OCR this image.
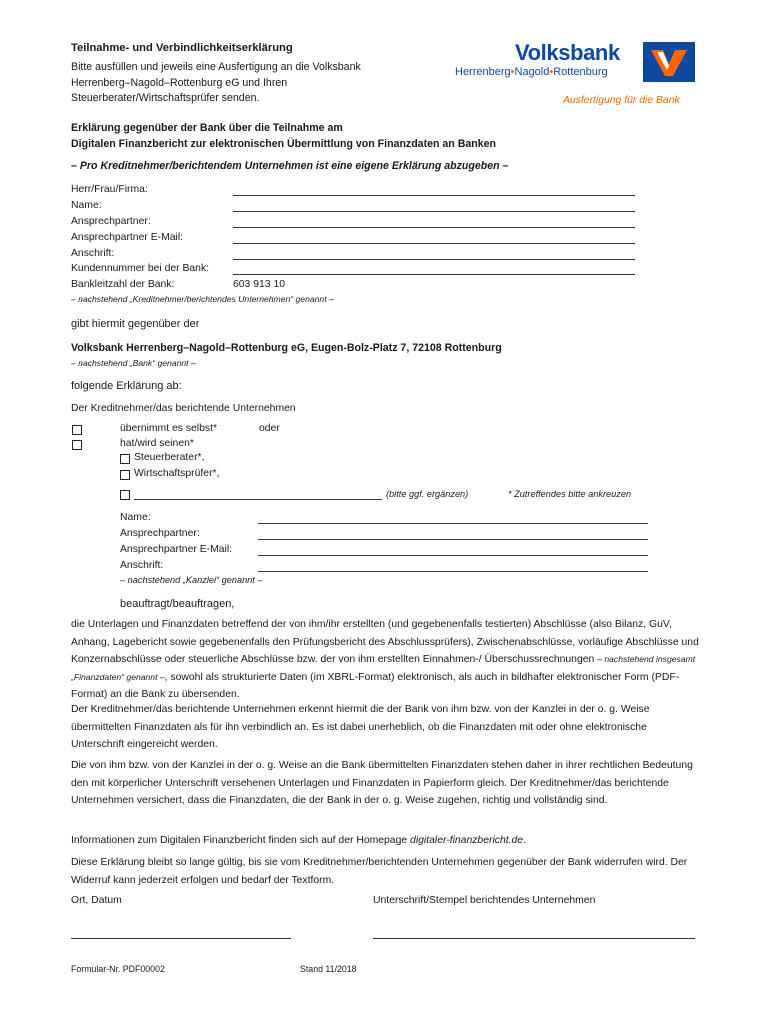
Teilnahme- und Verbindlichkeitserklärung
Bitte ausfüllen und jeweils eine Ausfertigung an die Volksbank Herrenberg–Nagold–Rottenburg eG und Ihren Steuerberater/Wirtschaftsprüfer senden.
Volksbank
Herrenberg•Nagold•Rottenburg
Ausfertigung für die Bank
Erklärung gegenüber der Bank über die Teilnahme am
Digitalen Finanzbericht zur elektronischen Übermittlung von Finanzdaten an Banken
– Pro Kreditnehmer/berichtendem Unternehmen ist eine eigene Erklärung abzugeben –
Herr/Frau/Firma:
Name:
Ansprechpartner:
Ansprechpartner E-Mail:
Anschrift:
Kundennummer bei der Bank:
Bankleitzahl der Bank:	603 913 10
– nachstehend „Kreditnehmer/berichtendes Unternehmen“ genannt –
gibt hiermit gegenüber der
Volksbank Herrenberg–Nagold–Rottenburg eG, Eugen-Bolz-Platz 7, 72108 Rottenburg
– nachstehend „Bank“ genannt –
folgende Erklärung ab:
Der Kreditnehmer/das berichtende Unternehmen
übernimmt es selbst*	oder
hat/wird seinen*
Steuerberater*,
Wirtschaftsprüfer*,
(bitte ggf. ergänzen)	* Zutreffendes bitte ankreuzen
Name:
Ansprechpartner:
Ansprechpartner E-Mail:
Anschrift:
– nachstehend „Kanzlei“ genannt –
beauftragt/beauftragen,
die Unterlagen und Finanzdaten betreffend der von ihm/ihr erstellten (und gegebenenfalls testierten) Abschlüsse (also Bilanz, GuV, Anhang, Lagebericht sowie gegebenenfalls den Prüfungsbericht des Abschlussprüfers), Zwischenabschlüsse, vorläufige Abschlüsse und Konzernabschlüsse oder steuerliche Abschlüsse bzw. der von ihm erstellten Einnahmen-/ Überschussrechnungen – nachstehend insgesamt „Finanzdaten“ genannt –, sowohl als strukturierte Daten (im XBRL-Format) elektronisch, als auch in bildhafter elektronischer Form (PDF-Format) an die Bank zu übersenden.
Der Kreditnehmer/das berichtende Unternehmen erkennt hiermit die der Bank von ihm bzw. von der Kanzlei in der o. g. Weise übermittelten Finanzdaten als für ihn verbindlich an. Es ist dabei unerheblich, ob die Finanzdaten mit oder ohne elektronische Unterschrift eingereicht werden.
Die von ihm bzw. von der Kanzlei in der o. g. Weise an die Bank übermittelten Finanzdaten stehen daher in ihrer rechtlichen Bedeutung den mit körperlicher Unterschrift versehenen Unterlagen und Finanzdaten in Papierform gleich. Der Kreditnehmer/das berichtende Unternehmen versichert, dass die Finanzdaten, die der Bank in der o. g. Weise zugehen, richtig und vollständig sind.
Informationen zum Digitalen Finanzbericht finden sich auf der Homepage digitaler-finanzbericht.de.
Diese Erklärung bleibt so lange gültig, bis sie vom Kreditnehmer/berichtenden Unternehmen gegenüber der Bank widerrufen wird. Der Widerruf kann jederzeit erfolgen und bedarf der Textform.
Ort, Datum	Unterschrift/Stempel berichtendes Unternehmen
Formular-Nr. PDF00002	Stand 11/2018
